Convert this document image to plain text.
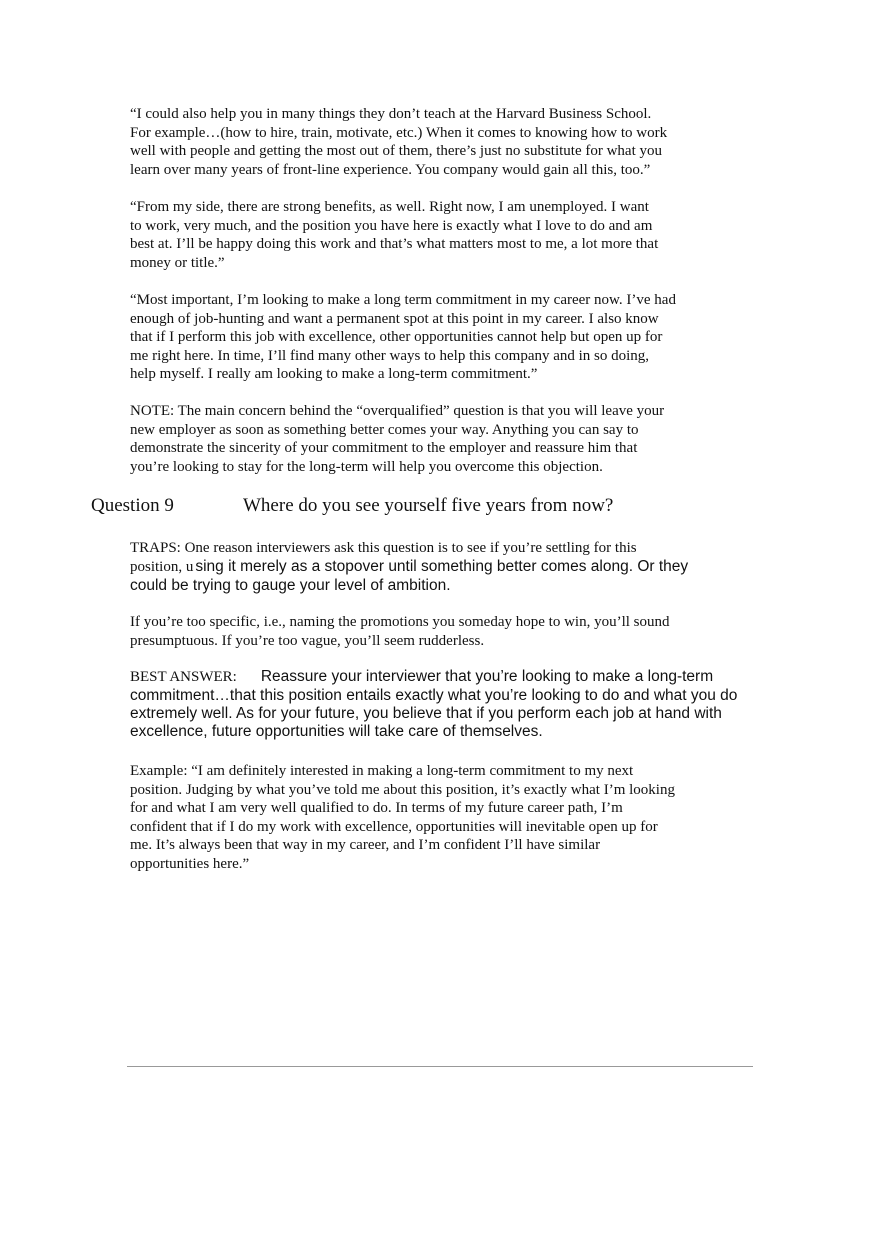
“I could also help you in many things they don’t teach at the Harvard Business School.
For example…(how to hire, train, motivate, etc.) When it comes to knowing how to work
well with people and getting the most out of them, there’s just no substitute for what you
learn over many years of front-line experience. You company would gain all this, too.”
“From my side, there are strong benefits, as well. Right now, I am unemployed. I want
to work, very much, and the position you have here is exactly what I love to do and am
best at. I’ll be happy doing this work and that’s what matters most to me, a lot more that
money or title.”
“Most important, I’m looking to make a long term commitment in my career now. I’ve had
enough of job-hunting and want a permanent spot at this point in my career. I also know
that if I perform this job with excellence, other opportunities cannot help but open up for
me right here. In time, I’ll find many other ways to help this company and in so doing,
help myself. I really am looking to make a long-term commitment.”
NOTE: The main concern behind the “overqualified” question is that you will leave your
new employer as soon as something better comes your way. Anything you can say to
demonstrate the sincerity of your commitment to the employer and reassure him that
you’re looking to stay for the long-term will help you overcome this objection.
Question 9	Where do you see yourself five years from now?
TRAPS: One reason interviewers ask this question is to see if you’re settling for this
position, u sing it merely as a stopover until something better comes along. Or they
could be trying to gauge your level of ambition.
If you’re too specific, i.e., naming the promotions you someday hope to win, you’ll sound
presumptuous. If you’re too vague, you’ll seem rudderless.
BEST ANSWER: Reassure your interviewer that you’re looking to make a long-term
commitment…that this position entails exactly what you’re looking to do and what you do
extremely well. As for your future, you believe that if you perform each job at hand with
excellence, future opportunities will take care of themselves.
Example: “I am definitely interested in making a long-term commitment to my next
position. Judging by what you’ve told me about this position, it’s exactly what I’m looking
for and what I am very well qualified to do. In terms of my future career path, I’m
confident that if I do my work with excellence, opportunities will inevitable open up for
me. It’s always been that way in my career, and I’m confident I’ll have similar
opportunities here.”
